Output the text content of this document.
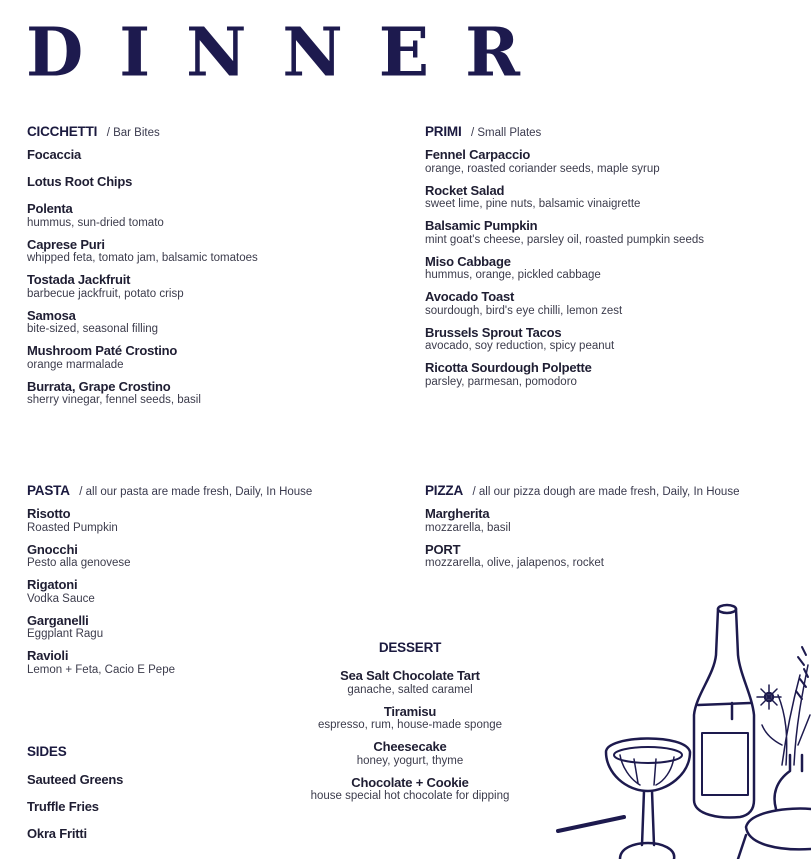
DINNER
CICCHETTI / Bar Bites
Focaccia
Lotus Root Chips
Polenta
hummus, sun-dried tomato
Caprese Puri
whipped feta, tomato jam, balsamic tomatoes
Tostada Jackfruit
barbecue jackfruit, potato crisp
Samosa
bite-sized, seasonal filling
Mushroom Paté Crostino
orange marmalade
Burrata, Grape Crostino
sherry vinegar, fennel seeds, basil
PRIMI / Small Plates
Fennel Carpaccio
orange, roasted coriander seeds, maple syrup
Rocket Salad
sweet lime, pine nuts, balsamic vinaigrette
Balsamic Pumpkin
mint goat's cheese, parsley oil, roasted pumpkin seeds
Miso Cabbage
hummus, orange, pickled cabbage
Avocado Toast
sourdough, bird's eye chilli, lemon zest
Brussels Sprout Tacos
avocado, soy reduction, spicy peanut
Ricotta Sourdough Polpette
parsley, parmesan, pomodoro
PASTA / all our pasta are made fresh, Daily, In House
Risotto
Roasted Pumpkin
Gnocchi
Pesto alla genovese
Rigatoni
Vodka Sauce
Garganelli
Eggplant Ragu
Ravioli
Lemon + Feta, Cacio E Pepe
PIZZA / all our pizza dough are made fresh, Daily, In House
Margherita
mozzarella, basil
PORT
mozzarella, olive, jalapenos, rocket
SIDES
Sauteed Greens
Truffle Fries
Okra Fritti
DESSERT
Sea Salt Chocolate Tart
ganache, salted caramel
Tiramisu
espresso, rum, house-made sponge
Cheesecake
honey, yogurt, thyme
Chocolate + Cookie
house special hot chocolate for dipping
